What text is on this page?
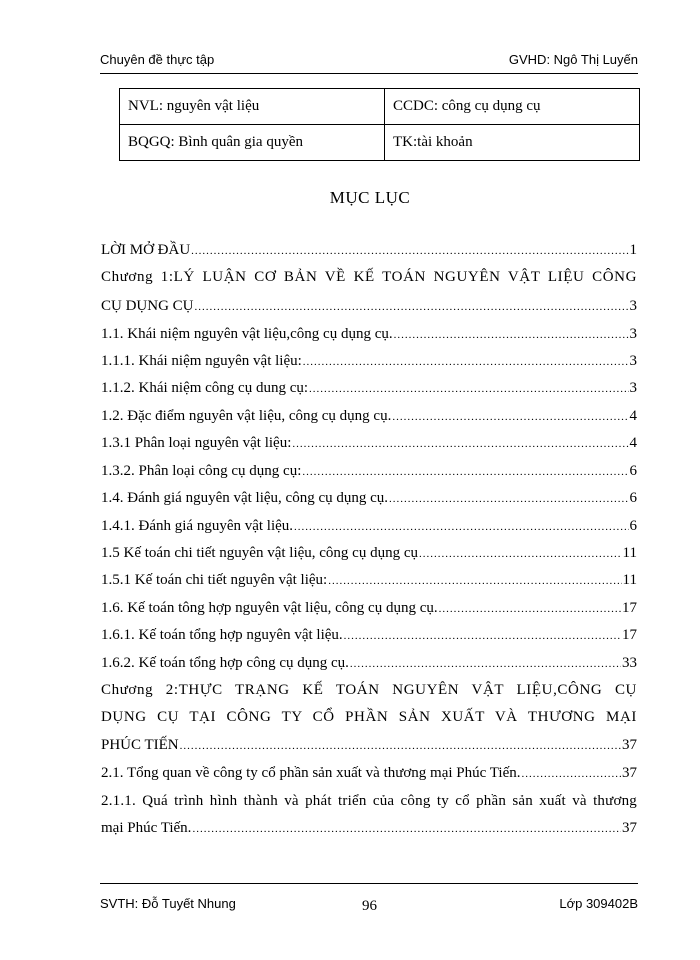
Chuyên đề thực tập	GVHD: Ngô Thị Luyến
NVL: nguyên vật liệu	CCDC: công cụ dụng cụ
BQGQ: Bình quân gia quyền	TK:tài khoản
MỤC LỤC
LỜI MỞ ĐẦU .....	1
Chương 1:LÝ LUẬN CƠ BẢN VỀ KẾ TOÁN NGUYÊN VẬT LIỆU CÔNG
CỤ DỤNG CỤ .....	3
1.1. Khái niệm nguyên vật liệu,công cụ dụng cụ. .....	3
1.1.1. Khái niệm nguyên vật liệu: .....	3
1.1.2. Khái niệm công cụ dung cụ: .....	3
1.2. Đặc điểm nguyên vật liệu, công cụ dụng cụ. .....	4
1.3.1 Phân loại nguyên vật liệu: .....	4
1.3.2. Phân loại công cụ dụng cụ: .....	6
1.4. Đánh giá nguyên vật liệu, công cụ dụng cụ. .....	6
1.4.1. Đánh giá nguyên vật liệu. .....	6
1.5 Kế toán chi tiết nguyên vật liệu, công cụ dụng cụ .....	11
1.5.1 Kế toán chi tiết nguyên vật liệu: .....	11
1.6. Kế toán tông hợp nguyên vật liệu, công cụ dụng cụ. .....	17
1.6.1. Kế toán tổng hợp nguyên vật liệu. .....	17
1.6.2. Kế toán tổng hợp công cụ dụng cụ. .....	33
Chương 2:THỰC TRẠNG KẾ TOÁN NGUYÊN VẬT LIỆU,CÔNG CỤ
DỤNG CỤ TẠI CÔNG TY CỔ PHẦN SẢN XUẤT VÀ THƯƠNG MẠI
PHÚC TIẾN .....	37
2.1. Tổng quan về công ty cổ phần sản xuất và thương mại Phúc Tiến. .....	37
2.1.1. Quá trình hình thành và phát triển của công ty cổ phần sản xuất và thương
mại Phúc Tiến. .....	37
SVTH: Đỗ Tuyết Nhung	96	Lớp 309402B
